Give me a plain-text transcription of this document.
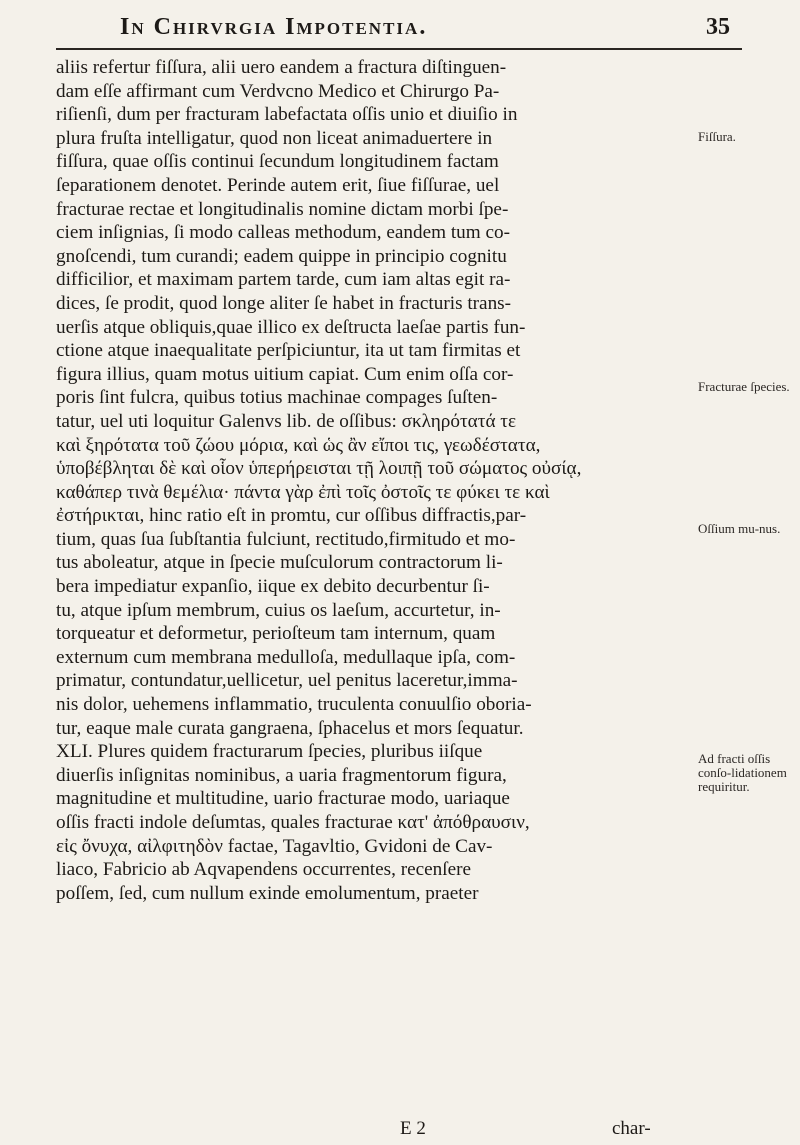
In Chirvrgia Impotentia.	35
aliis refertur fiſſura, alii uero eandem a fractura diſtinguen-
dam eſſe affirmant cum Verdvcno Medico et Chirurgo Pa-
riſienſi, dum per fracturam labefactata oſſis unio et diuiſio in
plura fruſta intelligatur, quod non liceat animaduertere in
fiſſura, quae oſſis continui ſecundum longitudinem factam
ſeparationem denotet. Perinde autem erit, ſiue fiſſurae, uel
fracturae rectae et longitudinalis nomine dictam morbi ſpe-
ciem inſignias, ſi modo calleas methodum, eandem tum co-
gnoſcendi, tum curandi; eadem quippe in principio cognitu
difficilior, et maximam partem tarde, cum iam altas egit ra-
dices, ſe prodit, quod longe aliter ſe habet in fracturis trans-
uerſis atque obliquis,quae illico ex deſtructa laeſae partis fun-
ctione atque inaequalitate perſpiciuntur, ita ut tam firmitas et
figura illius, quam motus uitium capiat. Cum enim oſſa cor-
poris ſint fulcra, quibus totius machinae compages ſuſten-
tatur, uel uti loquitur Galenvs lib. de oſſibus: σκληρότατά τε
καὶ ξηρότατα τοῦ ζώου μόρια, καὶ ὡς ἂν εἴποι τις, γεωδέστατα,
ὑποβέβληται δὲ καὶ οἷον ὑπερήρεισται τῇ λοιπῇ τοῦ σώματος οὐσίᾳ,
καθάπερ τινὰ θεμέλια· πάντα γὰρ ἐπὶ τοῖς ὀστοῖς τε φύκει τε καὶ
ἐστήρικται, hinc ratio eſt in promtu, cur oſſibus diffractis,par-
tium, quas ſua ſubſtantia fulciunt, rectitudo,firmitudo et mo-
tus aboleatur, atque in ſpecie muſculorum contractorum li-
bera impediatur expanſio, iique ex debito decurbentur ſi-
tu, atque ipſum membrum, cuius os laeſum, accurtetur, in-
torqueatur et deformetur, perioſteum tam internum, quam
externum cum membrana medulloſa, medullaque ipſa, com-
primatur, contundatur,uellicetur, uel penitus laceretur,imma-
nis dolor, uehemens inflammatio, truculenta conuulſio oboria-
tur, eaque male curata gangraena, ſphacelus et mors ſequatur.
XLI. Plures quidem fracturarum ſpecies, pluribus iiſque
diuerſis inſignitas nominibus, a uaria fragmentorum figura,
magnitudine et multitudine, uario fracturae modo, uariaque
oſſis fracti indole deſumtas, quales fracturae κατ' ἀπόθραυσιν,
εἰς ὄνυχα, αἰλφιτηδὸν factae, Tagavltio, Gvidoni de Cav-
liaco, Fabricio ab Aqvapendens occurrentes, recenſere
poſſem, ſed, cum nullum exinde emolumentum, praeter
Fiſſura.
Fracturae ſpecies.
Oſſium mu-nus.
Ad fracti oſſis conſo-lidationem requiritur.
E 2	char-
